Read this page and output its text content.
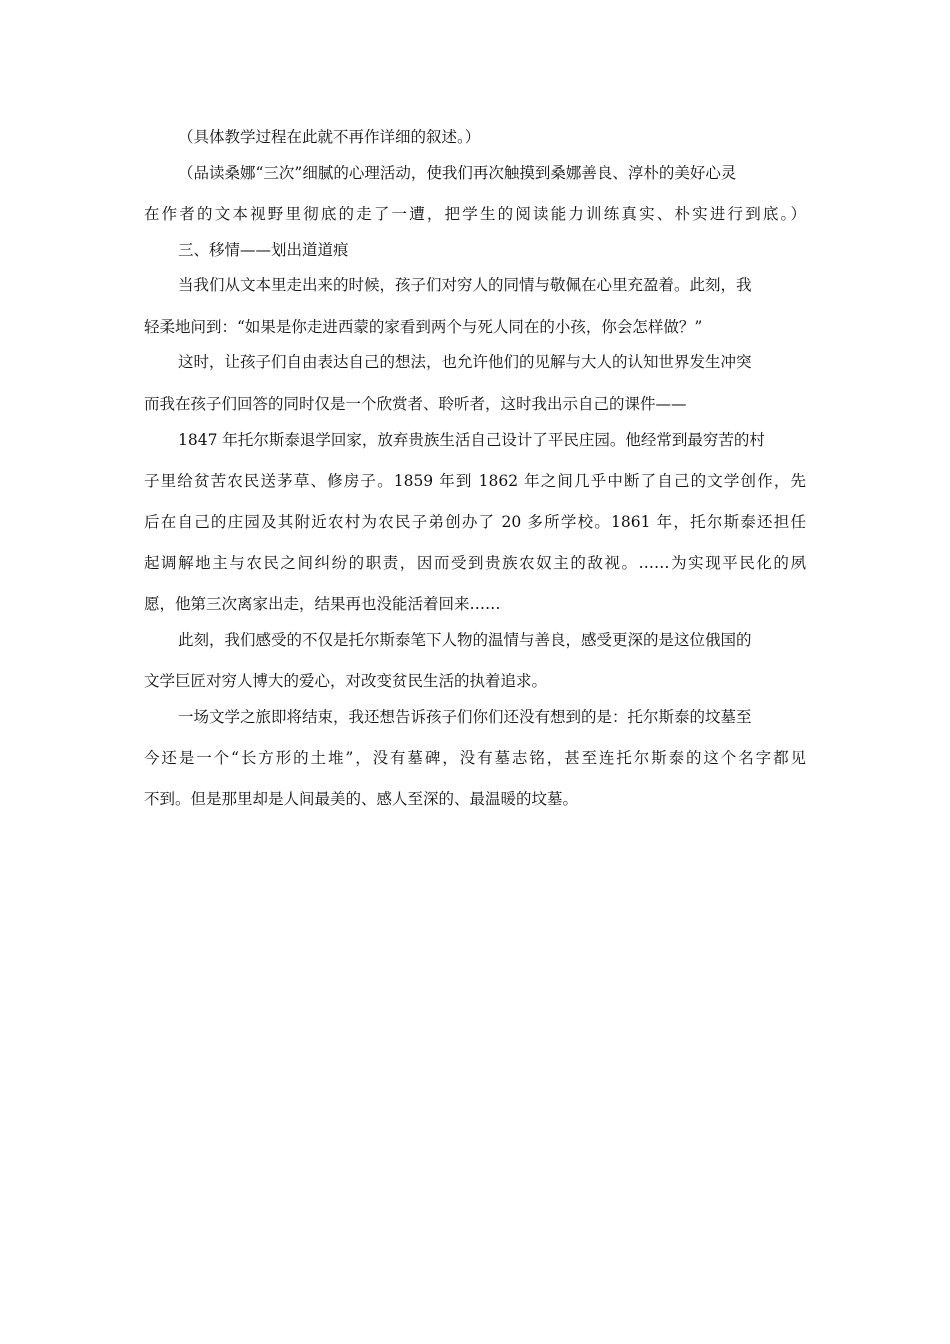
（具体教学过程在此就不再作详细的叙述。）
（品读桑娜“三次”细腻的心理活动，使我们再次触摸到桑娜善良、淳朴的美好心灵
在作者的文本视野里彻底的走了一遭，把学生的阅读能力训练真实、朴实进行到底。）
三、移情——划出道道痕
当我们从文本里走出来的时候，孩子们对穷人的同情与敬佩在心里充盈着。此刻，我
轻柔地问到：“如果是你走进西蒙的家看到两个与死人同在的小孩，你会怎样做？”
这时，让孩子们自由表达自己的想法，也允许他们的见解与大人的认知世界发生冲突
而我在孩子们回答的同时仅是一个欣赏者、聆听者，这时我出示自己的课件——
1847 年托尔斯泰退学回家，放弃贵族生活自己设计了平民庄园。他经常到最穷苦的村
子里给贫苦农民送茅草、修房子。1859 年到 1862 年之间几乎中断了自己的文学创作，先
后在自己的庄园及其附近农村为农民子弟创办了 20 多所学校。1861 年，托尔斯泰还担任
起调解地主与农民之间纠纷的职责，因而受到贵族农奴主的敌视。……为实现平民化的夙
愿，他第三次离家出走，结果再也没能活着回来……
此刻，我们感受的不仅是托尔斯泰笔下人物的温情与善良，感受更深的是这位俄国的
文学巨匠对穷人博大的爱心，对改变贫民生活的执着追求。
一场文学之旅即将结束，我还想告诉孩子们你们还没有想到的是：托尔斯泰的坟墓至
今还是一个“长方形的土堆”，没有墓碑，没有墓志铭，甚至连托尔斯泰的这个名字都见
不到。但是那里却是人间最美的、感人至深的、最温暖的坟墓。
